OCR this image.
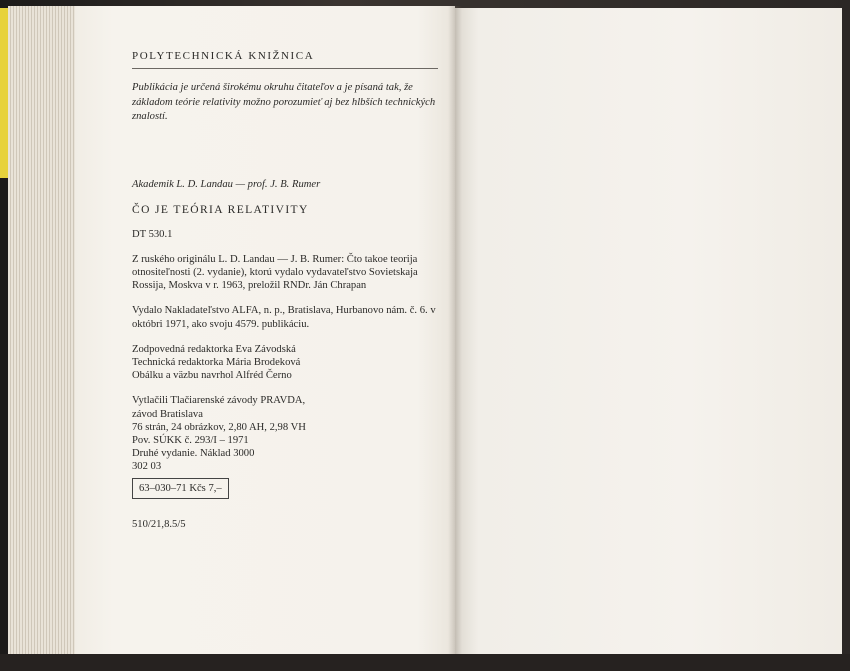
POLYTECHNICKÁ KNIŽNICA

Publikácia je určená širokému okruhu čitateľov a je písaná tak, že základom teórie relativity možno porozumieť aj bez hlbších technických znalostí.

Akademik L. D. Landau — prof. J. B. Rumer
ČO JE TEÓRIA RELATIVITY
DT 530.1

Z ruského originálu L. D. Landau — J. B. Rumer: Čto takoe teorija otnositeľnosti (2. vydanie), ktorú vydalo vydavateľstvo Sovietskaja Rossija, Moskva v r. 1963, preložil RNDr. Ján Chrapan

Vydalo Nakladateľstvo ALFA, n. p., Bratislava, Hurbanovo nám. č. 6. v októbri 1971, ako svoju 4579. publikáciu.

Zodpovedná redaktorka Eva Závodská

Technická redaktorka Mária Brodeková

Obálku a väzbu navrhol Alfréd Černo

Vytlačili Tlačiarenské závody PRAVDA,

závod Bratislava

76 strán, 24 obrázkov, 2,80 AH, 2,98 VH

Pov. SÚKK č. 293/I – 1971

Druhé vydanie. Náklad 3000

302 03

63–030–71 Kčs 7,–
510/21,8.5/5
